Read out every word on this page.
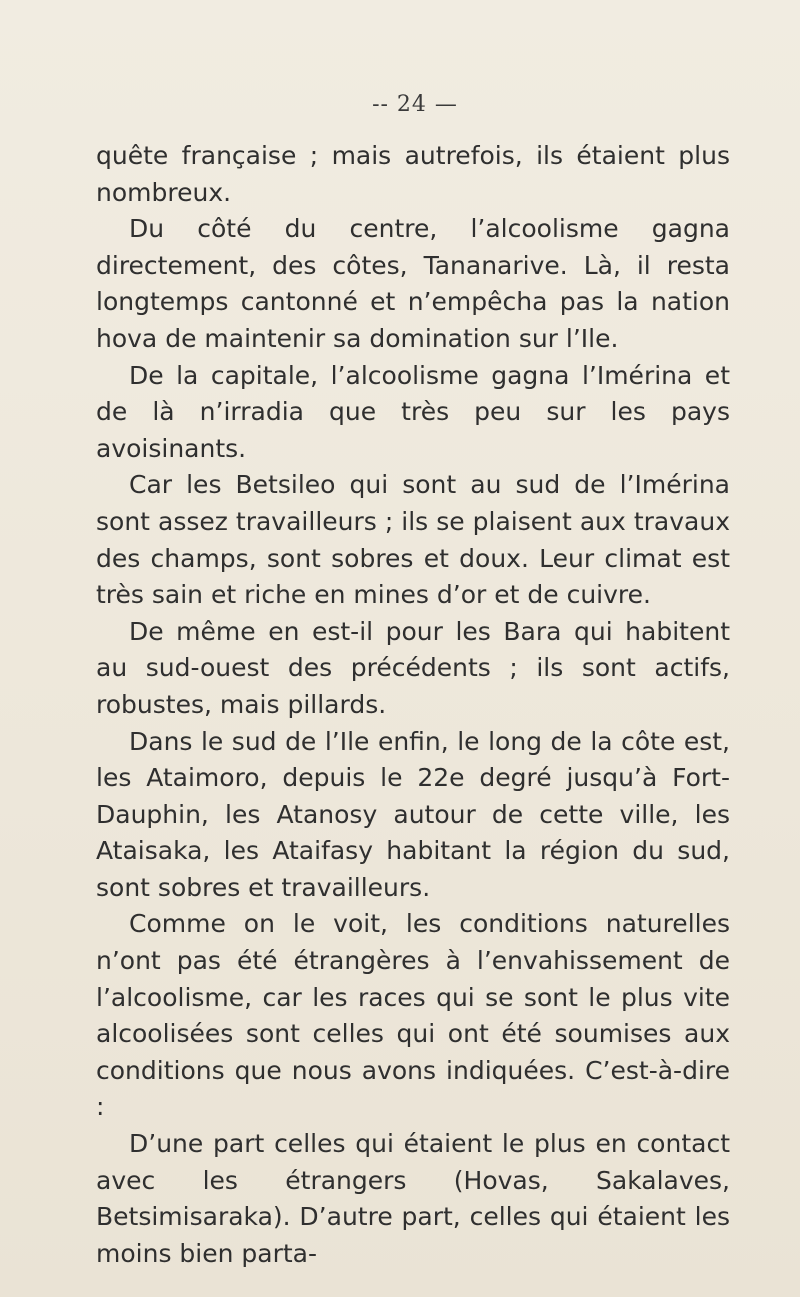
-- 24 —

quête française ; mais autrefois, ils étaient plus nombreux.

Du côté du centre, l’alcoolisme gagna directement, des côtes, Tananarive. Là, il resta longtemps cantonné et n’empêcha pas la nation hova de maintenir sa domination sur l’Ile.

De la capitale, l’alcoolisme gagna l’Imérina et de là n’irradia que très peu sur les pays avoisinants.

Car les Betsileo qui sont au sud de l’Imérina sont assez travailleurs ; ils se plaisent aux travaux des champs, sont sobres et doux. Leur climat est très sain et riche en mines d’or et de cuivre.

De même en est-il pour les Bara qui habitent au sud-ouest des précédents ; ils sont actifs, robustes, mais pillards.

Dans le sud de l’Ile enfin, le long de la côte est, les Ataimoro, depuis le 22e degré jusqu’à Fort-Dauphin, les Atanosy autour de cette ville, les Ataisaka, les Ataifasy habitant la région du sud, sont sobres et travailleurs.

Comme on le voit, les conditions naturelles n’ont pas été étrangères à l’envahissement de l’alcoolisme, car les races qui se sont le plus vite alcoolisées sont celles qui ont été soumises aux conditions que nous avons indiquées. C’est-à-dire :

D’une part celles qui étaient le plus en contact avec les étrangers (Hovas, Sakalaves, Betsimisaraka). D’autre part, celles qui étaient les moins bien parta-
